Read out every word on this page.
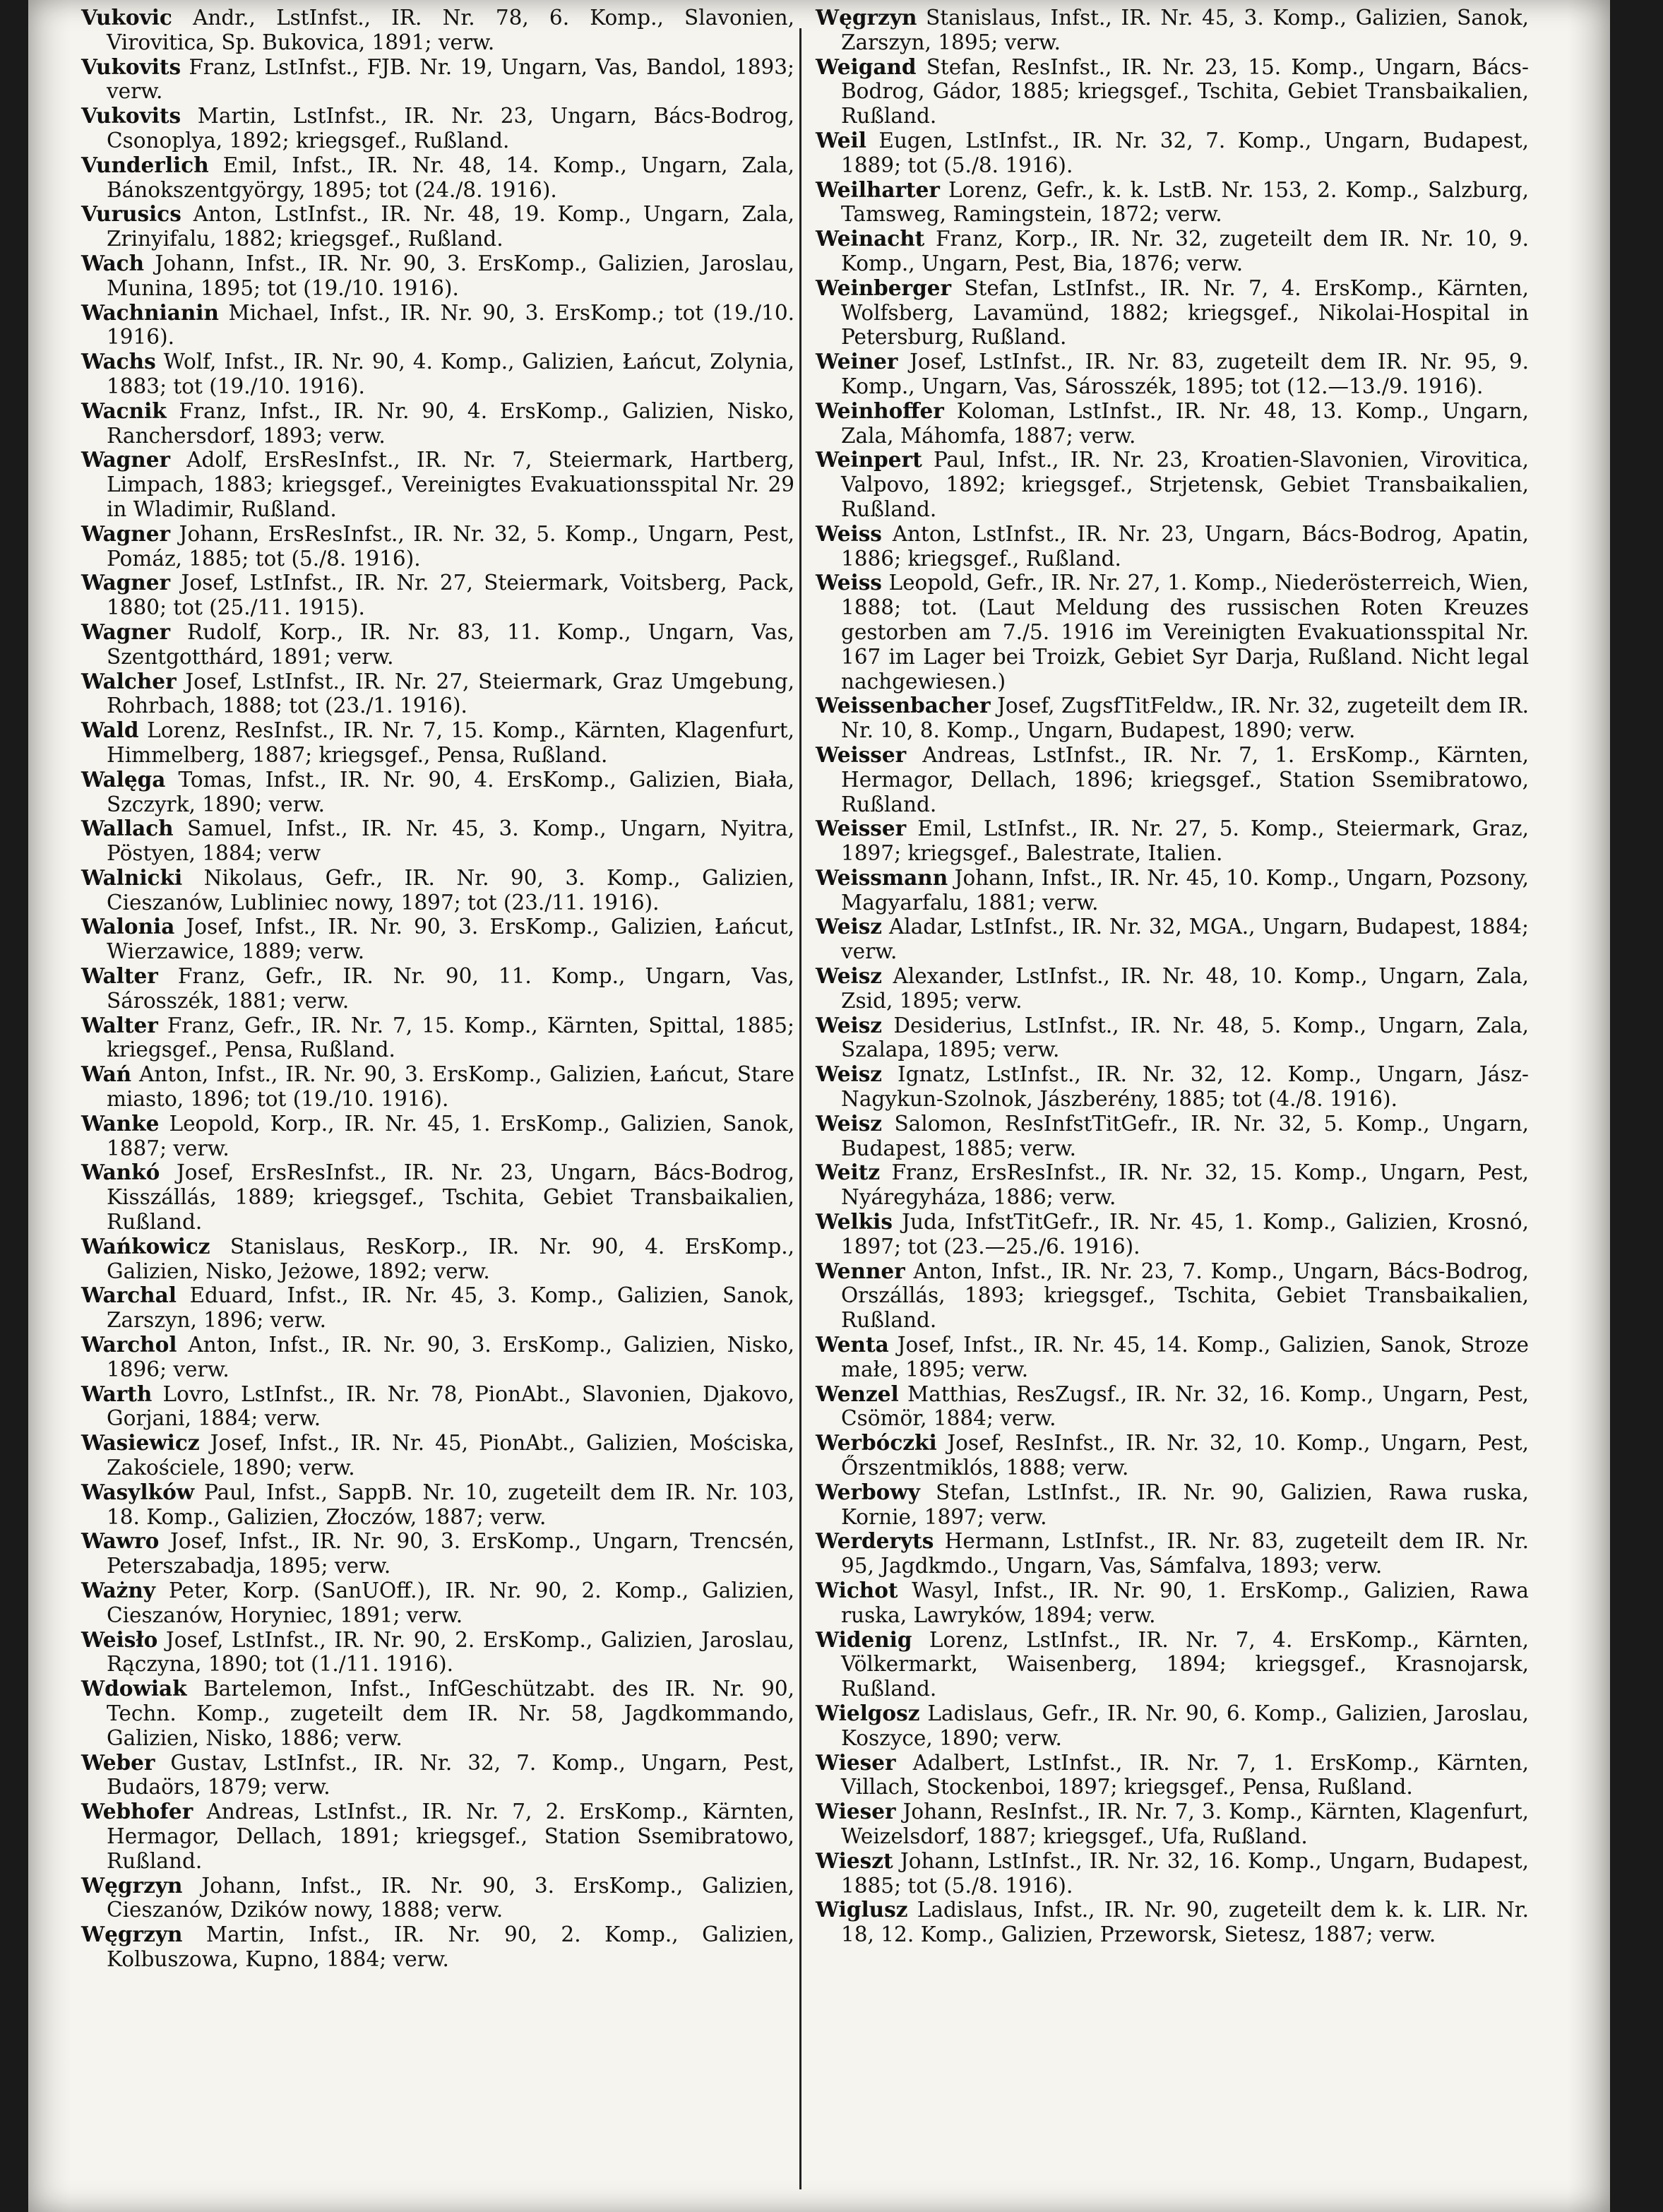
Vukovic Andr., LstInfst., IR. Nr. 78, 6. Komp., Slavonien, Virovitica, Sp. Bukovica, 1891; verw.

Vukovits Franz, LstInfst., FJB. Nr. 19, Ungarn, Vas, Bandol, 1893; verw.

Vukovits Martin, LstInfst., IR. Nr. 23, Ungarn, Bács-Bodrog, Csonoplya, 1892; kriegsgef., Rußland.

Vunderlich Emil, Infst., IR. Nr. 48, 14. Komp., Ungarn, Zala, Bánokszentgyörgy, 1895; tot (24./8. 1916).

Vurusics Anton, LstInfst., IR. Nr. 48, 19. Komp., Ungarn, Zala, Zrinyifalu, 1882; kriegsgef., Rußland.

Wach Johann, Infst., IR. Nr. 90, 3. ErsKomp., Galizien, Jaroslau, Munina, 1895; tot (19./10. 1916).

Wachnianin Michael, Infst., IR. Nr. 90, 3. ErsKomp.; tot (19./10. 1916).

Wachs Wolf, Infst., IR. Nr. 90, 4. Komp., Galizien, Łańcut, Zolynia, 1883; tot (19./10. 1916).

Wacnik Franz, Infst., IR. Nr. 90, 4. ErsKomp., Galizien, Nisko, Ranchersdorf, 1893; verw.

Wagner Adolf, ErsResInfst., IR. Nr. 7, Steiermark, Hartberg, Limpach, 1883; kriegsgef., Vereinigtes Evakuationsspital Nr. 29 in Wladimir, Rußland.

Wagner Johann, ErsResInfst., IR. Nr. 32, 5. Komp., Ungarn, Pest, Pomáz, 1885; tot (5./8. 1916).

Wagner Josef, LstInfst., IR. Nr. 27, Steiermark, Voitsberg, Pack, 1880; tot (25./11. 1915).

Wagner Rudolf, Korp., IR. Nr. 83, 11. Komp., Ungarn, Vas, Szentgotthárd, 1891; verw.

Walcher Josef, LstInfst., IR. Nr. 27, Steiermark, Graz Umgebung, Rohrbach, 1888; tot (23./1. 1916).

Wald Lorenz, ResInfst., IR. Nr. 7, 15. Komp., Kärnten, Klagenfurt, Himmelberg, 1887; kriegsgef., Pensa, Rußland.

Walęga Tomas, Infst., IR. Nr. 90, 4. ErsKomp., Galizien, Biała, Szczyrk, 1890; verw.

Wallach Samuel, Infst., IR. Nr. 45, 3. Komp., Ungarn, Nyitra, Pöstyen, 1884; verw

Walnicki Nikolaus, Gefr., IR. Nr. 90, 3. Komp., Galizien, Cieszanów, Lubliniec nowy, 1897; tot (23./11. 1916).

Walonia Josef, Infst., IR. Nr. 90, 3. ErsKomp., Galizien, Łańcut, Wierzawice, 1889; verw.

Walter Franz, Gefr., IR. Nr. 90, 11. Komp., Ungarn, Vas, Sárosszék, 1881; verw.

Walter Franz, Gefr., IR. Nr. 7, 15. Komp., Kärnten, Spittal, 1885; kriegsgef., Pensa, Rußland.

Wań Anton, Infst., IR. Nr. 90, 3. ErsKomp., Galizien, Łańcut, Stare miasto, 1896; tot (19./10. 1916).

Wanke Leopold, Korp., IR. Nr. 45, 1. ErsKomp., Galizien, Sanok, 1887; verw.

Wankó Josef, ErsResInfst., IR. Nr. 23, Ungarn, Bács-Bodrog, Kisszállás, 1889; kriegsgef., Tschita, Gebiet Transbaikalien, Rußland.

Wańkowicz Stanislaus, ResKorp., IR. Nr. 90, 4. ErsKomp., Galizien, Nisko, Jeżowe, 1892; verw.

Warchal Eduard, Infst., IR. Nr. 45, 3. Komp., Galizien, Sanok, Zarszyn, 1896; verw.

Warchol Anton, Infst., IR. Nr. 90, 3. ErsKomp., Galizien, Nisko, 1896; verw.

Warth Lovro, LstInfst., IR. Nr. 78, PionAbt., Slavonien, Djakovo, Gorjani, 1884; verw.

Wasiewicz Josef, Infst., IR. Nr. 45, PionAbt., Galizien, Mościska, Zakościele, 1890; verw.

Wasylków Paul, Infst., SappB. Nr. 10, zugeteilt dem IR. Nr. 103, 18. Komp., Galizien, Złoczów, 1887; verw.

Wawro Josef, Infst., IR. Nr. 90, 3. ErsKomp., Ungarn, Trencsén, Peterszabadja, 1895; verw.

Ważny Peter, Korp. (SanUOff.), IR. Nr. 90, 2. Komp., Galizien, Cieszanów, Horyniec, 1891; verw.

Weisło Josef, LstInfst., IR. Nr. 90, 2. ErsKomp., Galizien, Jaroslau, Rączyna, 1890; tot (1./11. 1916).

Wdowiak Bartelemon, Infst., InfGeschützabt. des IR. Nr. 90, Techn. Komp., zugeteilt dem IR. Nr. 58, Jagdkommando, Galizien, Nisko, 1886; verw.

Weber Gustav, LstInfst., IR. Nr. 32, 7. Komp., Ungarn, Pest, Budaörs, 1879; verw.

Webhofer Andreas, LstInfst., IR. Nr. 7, 2. ErsKomp., Kärnten, Hermagor, Dellach, 1891; kriegsgef., Station Ssemibratowo, Rußland.

Węgrzyn Johann, Infst., IR. Nr. 90, 3. ErsKomp., Galizien, Cieszanów, Dzików nowy, 1888; verw.

Węgrzyn Martin, Infst., IR. Nr. 90, 2. Komp., Galizien, Kolbuszowa, Kupno, 1884; verw.

Węgrzyn Stanislaus, Infst., IR. Nr. 45, 3. Komp., Galizien, Sanok, Zarszyn, 1895; verw.

Weigand Stefan, ResInfst., IR. Nr. 23, 15. Komp., Ungarn, Bács-Bodrog, Gádor, 1885; kriegsgef., Tschita, Gebiet Transbaikalien, Rußland.

Weil Eugen, LstInfst., IR. Nr. 32, 7. Komp., Ungarn, Budapest, 1889; tot (5./8. 1916).

Weilharter Lorenz, Gefr., k. k. LstB. Nr. 153, 2. Komp., Salzburg, Tamsweg, Ramingstein, 1872; verw.

Weinacht Franz, Korp., IR. Nr. 32, zugeteilt dem IR. Nr. 10, 9. Komp., Ungarn, Pest, Bia, 1876; verw.

Weinberger Stefan, LstInfst., IR. Nr. 7, 4. ErsKomp., Kärnten, Wolfsberg, Lavamünd, 1882; kriegsgef., Nikolai-Hospital in Petersburg, Rußland.

Weiner Josef, LstInfst., IR. Nr. 83, zugeteilt dem IR. Nr. 95, 9. Komp., Ungarn, Vas, Sárosszék, 1895; tot (12.—13./9. 1916).

Weinhoffer Koloman, LstInfst., IR. Nr. 48, 13. Komp., Ungarn, Zala, Máhomfa, 1887; verw.

Weinpert Paul, Infst., IR. Nr. 23, Kroatien-Slavonien, Virovitica, Valpovo, 1892; kriegsgef., Strjetensk, Gebiet Transbaikalien, Rußland.

Weiss Anton, LstInfst., IR. Nr. 23, Ungarn, Bács-Bodrog, Apatin, 1886; kriegsgef., Rußland.

Weiss Leopold, Gefr., IR. Nr. 27, 1. Komp., Niederösterreich, Wien, 1888; tot. (Laut Meldung des russischen Roten Kreuzes gestorben am 7./5. 1916 im Vereinigten Evakuationsspital Nr. 167 im Lager bei Troizk, Gebiet Syr Darja, Rußland. Nicht legal nachgewiesen.)

Weissenbacher Josef, ZugsfTitFeldw., IR. Nr. 32, zugeteilt dem IR. Nr. 10, 8. Komp., Ungarn, Budapest, 1890; verw.

Weisser Andreas, LstInfst., IR. Nr. 7, 1. ErsKomp., Kärnten, Hermagor, Dellach, 1896; kriegsgef., Station Ssemibratowo, Rußland.

Weisser Emil, LstInfst., IR. Nr. 27, 5. Komp., Steiermark, Graz, 1897; kriegsgef., Balestrate, Italien.

Weissmann Johann, Infst., IR. Nr. 45, 10. Komp., Ungarn, Pozsony, Magyarfalu, 1881; verw.

Weisz Aladar, LstInfst., IR. Nr. 32, MGA., Ungarn, Budapest, 1884; verw.

Weisz Alexander, LstInfst., IR. Nr. 48, 10. Komp., Ungarn, Zala, Zsid, 1895; verw.

Weisz Desiderius, LstInfst., IR. Nr. 48, 5. Komp., Ungarn, Zala, Szalapa, 1895; verw.

Weisz Ignatz, LstInfst., IR. Nr. 32, 12. Komp., Ungarn, Jász-Nagykun-Szolnok, Jászberény, 1885; tot (4./8. 1916).

Weisz Salomon, ResInfstTitGefr., IR. Nr. 32, 5. Komp., Ungarn, Budapest, 1885; verw.

Weitz Franz, ErsResInfst., IR. Nr. 32, 15. Komp., Ungarn, Pest, Nyáregyháza, 1886; verw.

Welkis Juda, InfstTitGefr., IR. Nr. 45, 1. Komp., Galizien, Krosnó, 1897; tot (23.—25./6. 1916).

Wenner Anton, Infst., IR. Nr. 23, 7. Komp., Ungarn, Bács-Bodrog, Orszállás, 1893; kriegsgef., Tschita, Gebiet Transbaikalien, Rußland.

Wenta Josef, Infst., IR. Nr. 45, 14. Komp., Galizien, Sanok, Stroze małe, 1895; verw.

Wenzel Matthias, ResZugsf., IR. Nr. 32, 16. Komp., Ungarn, Pest, Csömör, 1884; verw.

Werbóczki Josef, ResInfst., IR. Nr. 32, 10. Komp., Ungarn, Pest, Őrszentmiklós, 1888; verw.

Werbowy Stefan, LstInfst., IR. Nr. 90, Galizien, Rawa ruska, Kornie, 1897; verw.

Werderyts Hermann, LstInfst., IR. Nr. 83, zugeteilt dem IR. Nr. 95, Jagdkmdo., Ungarn, Vas, Sámfalva, 1893; verw.

Wichot Wasyl, Infst., IR. Nr. 90, 1. ErsKomp., Galizien, Rawa ruska, Lawryków, 1894; verw.

Widenig Lorenz, LstInfst., IR. Nr. 7, 4. ErsKomp., Kärnten, Völkermarkt, Waisenberg, 1894; kriegsgef., Krasnojarsk, Rußland.

Wielgosz Ladislaus, Gefr., IR. Nr. 90, 6. Komp., Galizien, Jaroslau, Koszyce, 1890; verw.

Wieser Adalbert, LstInfst., IR. Nr. 7, 1. ErsKomp., Kärnten, Villach, Stockenboi, 1897; kriegsgef., Pensa, Rußland.

Wieser Johann, ResInfst., IR. Nr. 7, 3. Komp., Kärnten, Klagenfurt, Weizelsdorf, 1887; kriegsgef., Ufa, Rußland.

Wieszt Johann, LstInfst., IR. Nr. 32, 16. Komp., Ungarn, Budapest, 1885; tot (5./8. 1916).

Wiglusz Ladislaus, Infst., IR. Nr. 90, zugeteilt dem k. k. LIR. Nr. 18, 12. Komp., Galizien, Przeworsk, Sietesz, 1887; verw.
